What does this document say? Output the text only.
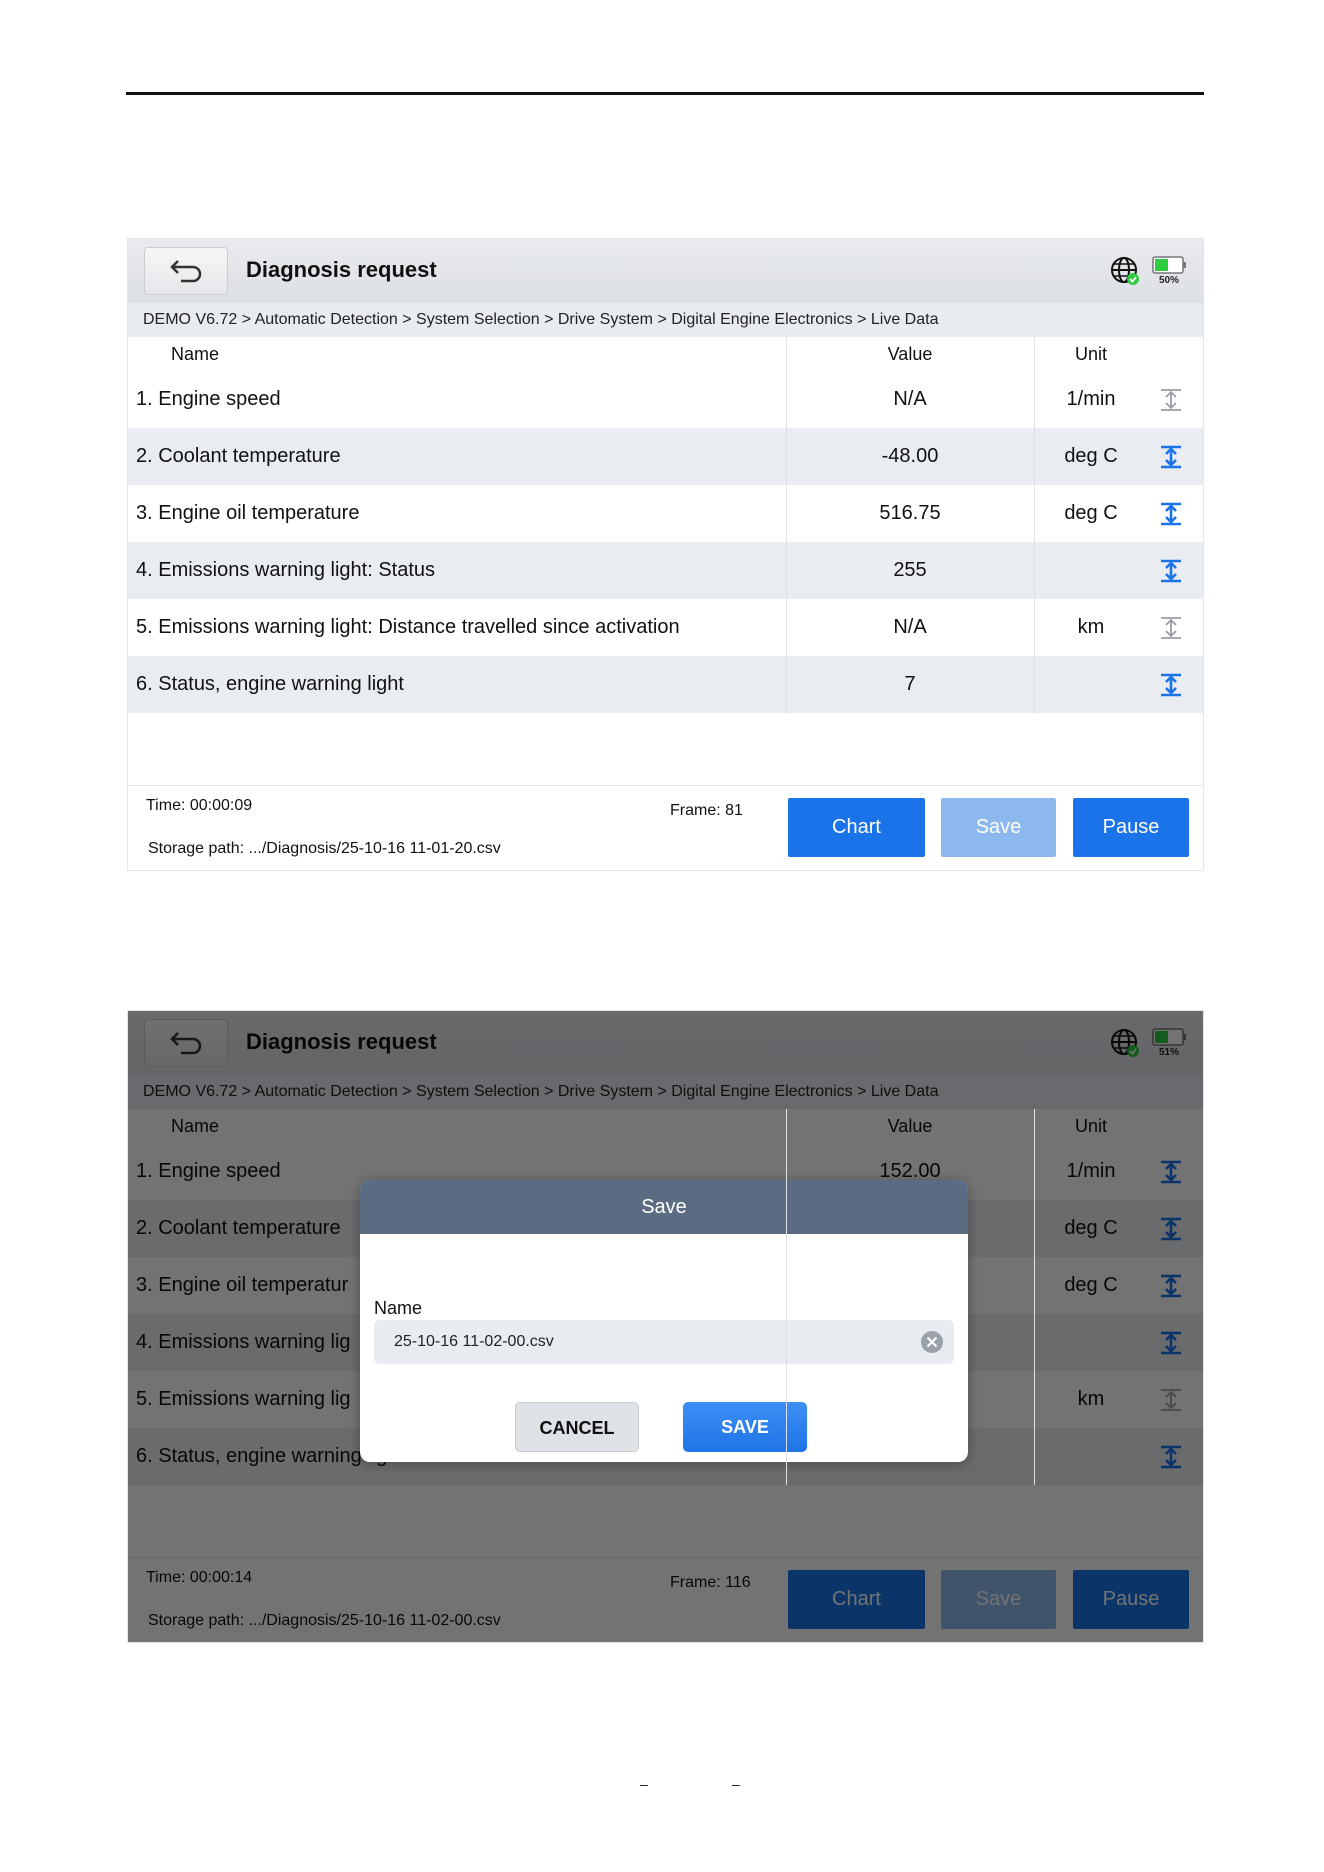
Diagnosis request	50%
DEMO V6.72 > Automatic Detection > System Selection > Drive System > Digital Engine Electronics > Live Data
Name	Value	Unit
1. Engine speed	N/A	1/min
2. Coolant temperature	-48.00	deg C
3. Engine oil temperature	516.75	deg C
4. Emissions warning light: Status	255
5. Emissions warning light: Distance travelled since activation	N/A	km
6. Status, engine warning light	7
Time: 00:00:09	Frame: 81
Storage path: .../Diagnosis/25-10-16 11-01-20.csv
Chart	Save	Pause
Save
Name
25-10-16 11-02-00.csv
CANCEL	SAVE
–	–
